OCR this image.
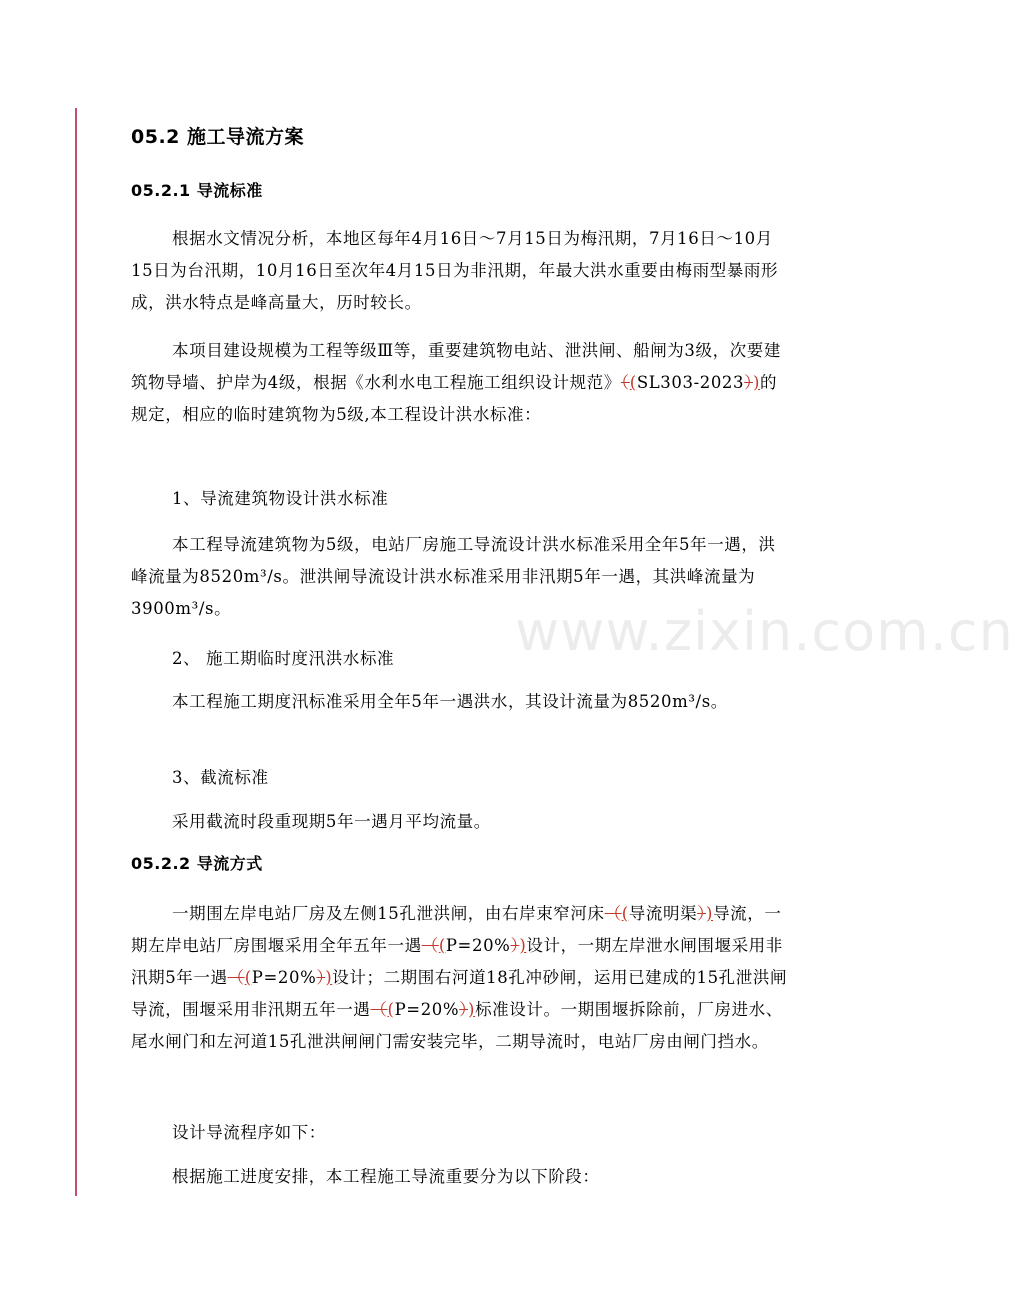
05.2 施工导流方案
05.2.1 导流标准
根据水文情况分析，本地区每年4月16日～7月15日为梅汛期，7月16日～10月15日为台汛期，10月16日至次年4月15日为非汛期，年最大洪水重要由梅雨型暴雨形成，洪水特点是峰高量大，历时较长。
本项目建设规模为工程等级Ⅲ等，重要建筑物电站、泄洪闸、船闸为3级，次要建筑物导墙、护岸为4级，根据《水利水电工程施工组织设计规范》（(SL303-2023）)的规定，相应的临时建筑物为5级,本工程设计洪水标准：
1、导流建筑物设计洪水标准
本工程导流建筑物为5级，电站厂房施工导流设计洪水标准采用全年5年一遇，洪峰流量为8520m³/s。泄洪闸导流设计洪水标准采用非汛期5年一遇，其洪峰流量为3900m³/s。
2、 施工期临时度汛洪水标准
本工程施工期度汛标准采用全年5年一遇洪水，其设计流量为8520m³/s。
3、截流标准
采用截流时段重现期5年一遇月平均流量。
05.2.2 导流方式
一期围左岸电站厂房及左侧15孔泄洪闸，由右岸束窄河床（(导流明渠）)导流，一期左岸电站厂房围堰采用全年五年一遇（(P=20%）)设计，一期左岸泄水闸围堰采用非汛期5年一遇（(P=20%）)设计；二期围右河道18孔冲砂闸，运用已建成的15孔泄洪闸导流，围堰采用非汛期五年一遇（(P=20%）)标准设计。一期围堰拆除前，厂房进水、尾水闸门和左河道15孔泄洪闸闸门需安装完毕，二期导流时，电站厂房由闸门挡水。
设计导流程序如下：
根据施工进度安排，本工程施工导流重要分为以下阶段：
www.zixin.com.cn
